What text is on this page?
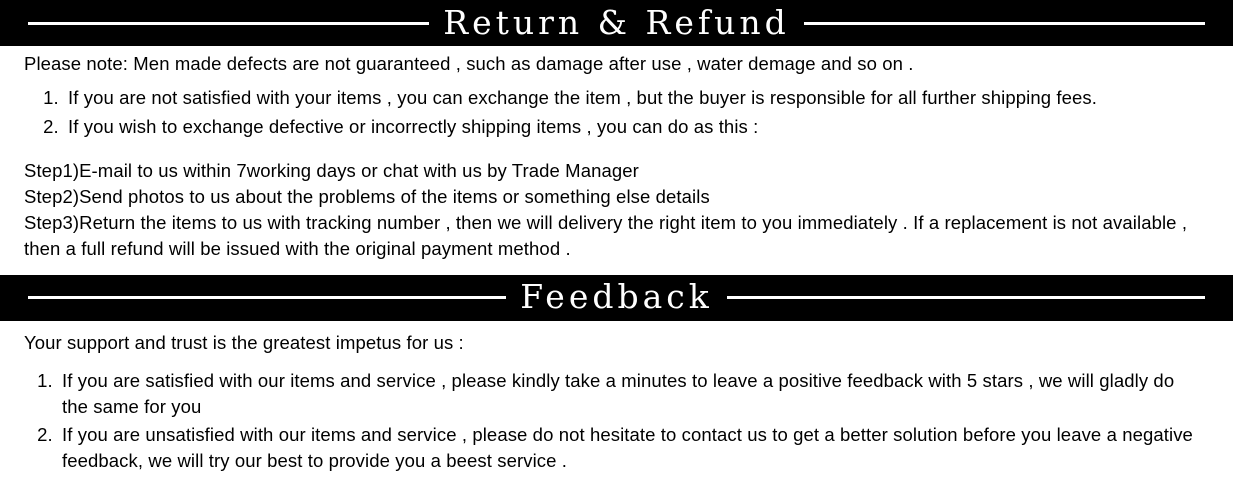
Return & Refund
Please note: Men made defects are not guaranteed , such as damage after use , water demage and so on .
1. If you are not satisfied with your items , you can exchange the item , but the buyer is responsible for all further shipping fees.
2. If you wish to exchange defective or incorrectly shipping items , you can do as this :

Step1)E-mail to us within 7working days or chat with us by Trade Manager

Step2)Send photos to us about the problems of the items or something else details

Step3)Return the items to us with tracking number , then we will delivery the right item to you immediately . If a replacement is not available , then a full refund will be issued with the original payment method .

Feedback
Your support and trust is the greatest impetus for us :
1. If you are satisfied with our items and service , please kindly take a minutes to leave a positive feedback with 5 stars , we will gladly do the same for you
2. If you are unsatisfied with our items and service , please do not hesitate to contact us to get a better solution before you leave a negative feedback, we will try our best to provide you a beest service .
